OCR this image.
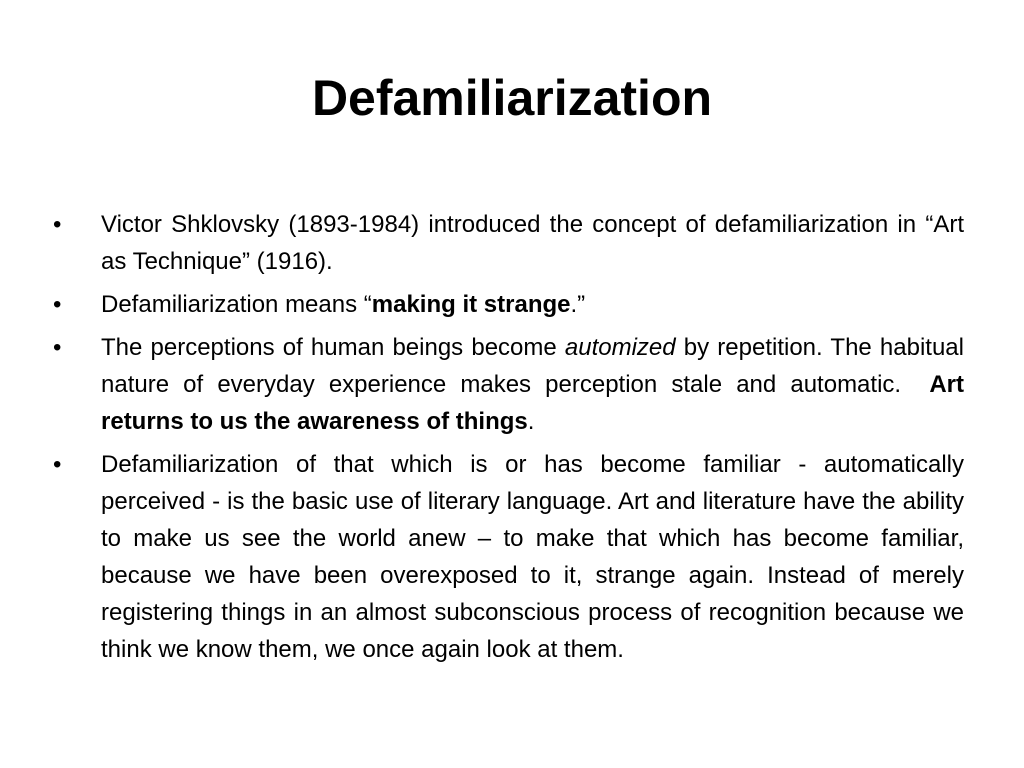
Defamiliarization
•	Victor Shklovsky (1893-1984) introduced the concept of defamiliarization in “Art as Technique” (1916).
•	Defamiliarization means “making it strange.”
•	The perceptions of human beings become automized by repetition. The habitual nature of everyday experience makes perception stale and automatic.  Art returns to us the awareness of things.
•	Defamiliarization of that which is or has become familiar - automatically perceived - is the basic use of literary language. Art and literature have the ability to make us see the world anew – to make that which has become familiar, because we have been overexposed to it, strange again. Instead of merely registering things in an almost subconscious process of recognition because we think we know them, we once again look at them.
